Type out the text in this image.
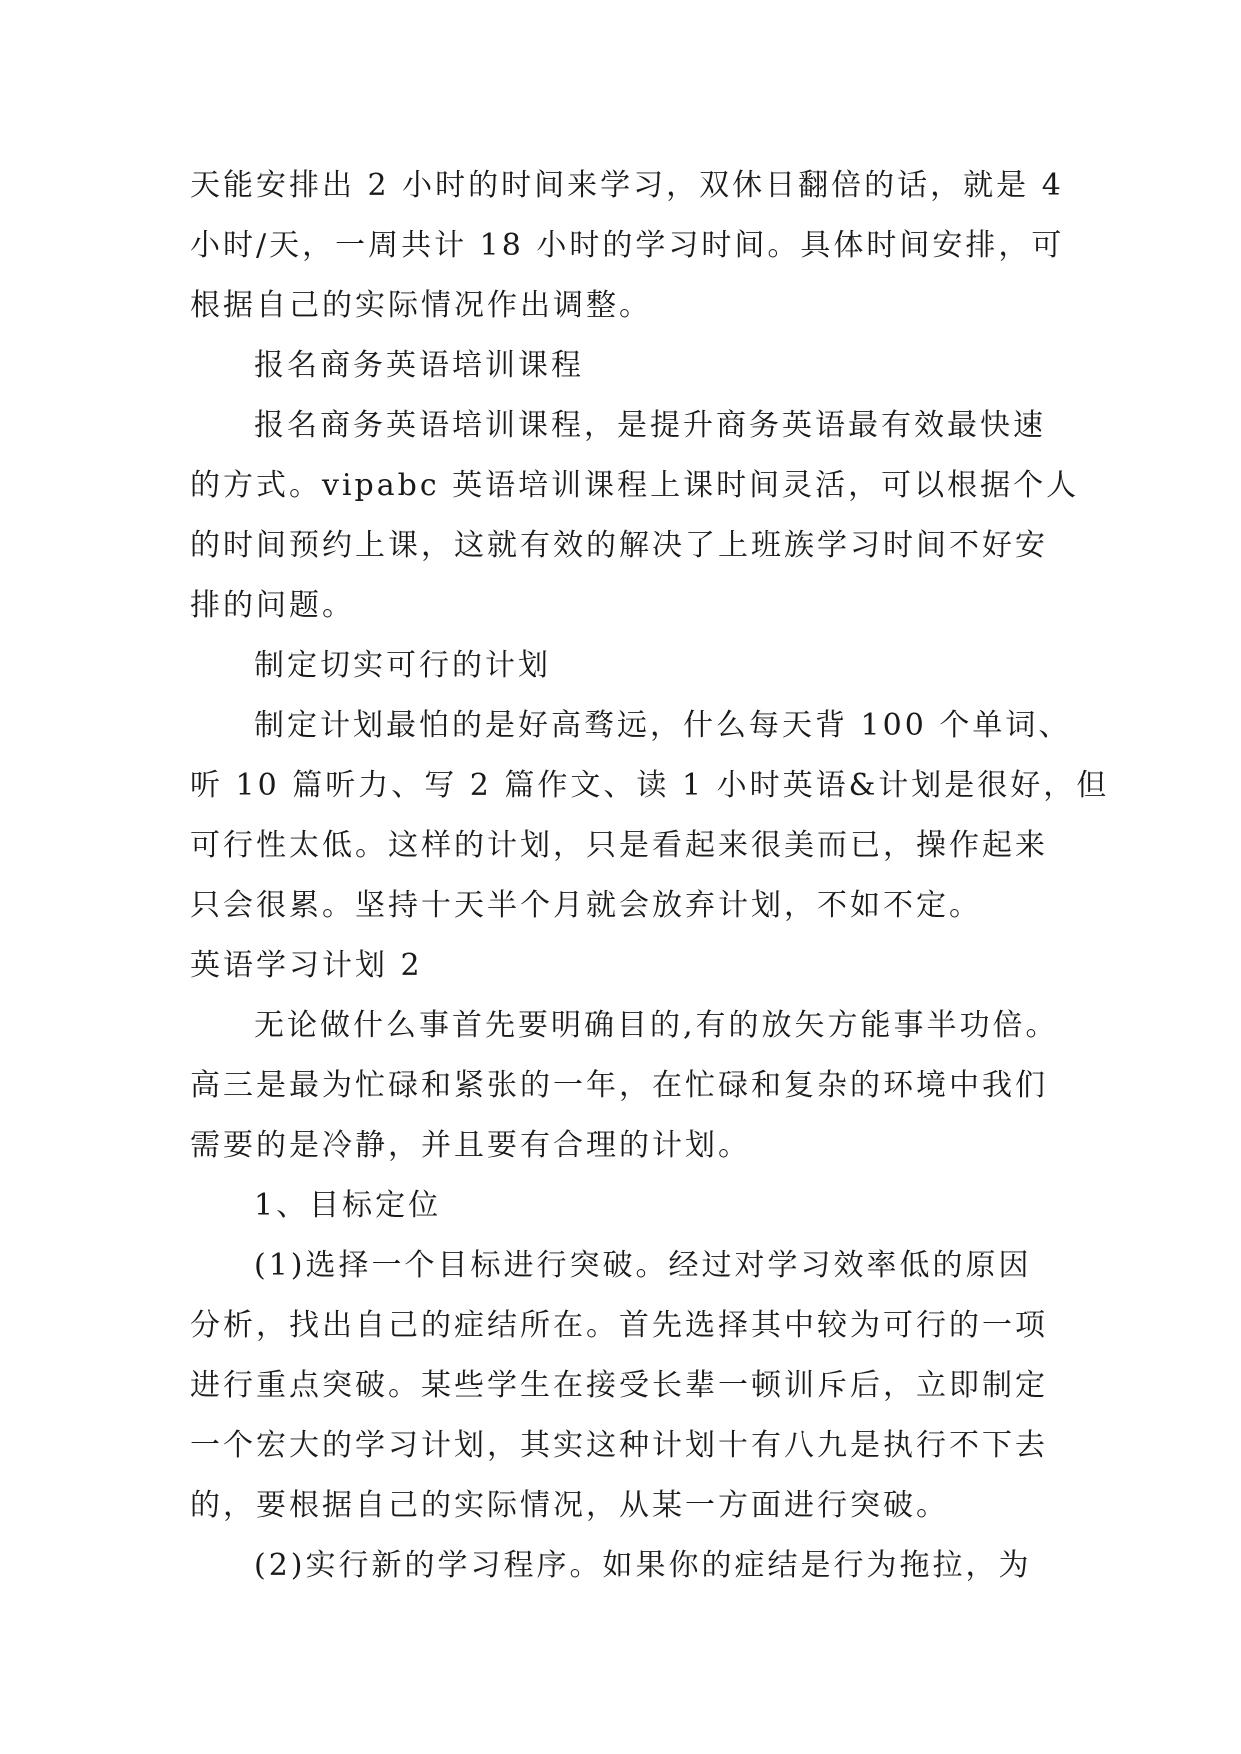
天能安排出 2 小时的时间来学习，双休日翻倍的话，就是 4
小时/天，一周共计 18 小时的学习时间。具体时间安排，可
根据自己的实际情况作出调整。
报名商务英语培训课程
报名商务英语培训课程，是提升商务英语最有效最快速
的方式。vipabc 英语培训课程上课时间灵活，可以根据个人
的时间预约上课，这就有效的解决了上班族学习时间不好安
排的问题。
制定切实可行的计划
制定计划最怕的是好高骛远，什么每天背 100 个单词、
听 10 篇听力、写 2 篇作文、读 1 小时英语&计划是很好，但
可行性太低。这样的计划，只是看起来很美而已，操作起来
只会很累。坚持十天半个月就会放弃计划，不如不定。
英语学习计划 2
无论做什么事首先要明确目的,有的放矢方能事半功倍。
高三是最为忙碌和紧张的一年，在忙碌和复杂的环境中我们
需要的是冷静，并且要有合理的计划。
1、目标定位
(1)选择一个目标进行突破。经过对学习效率低的原因
分析，找出自己的症结所在。首先选择其中较为可行的一项
进行重点突破。某些学生在接受长辈一顿训斥后，立即制定
一个宏大的学习计划，其实这种计划十有八九是执行不下去
的，要根据自己的实际情况，从某一方面进行突破。
(2)实行新的学习程序。如果你的症结是行为拖拉，为
